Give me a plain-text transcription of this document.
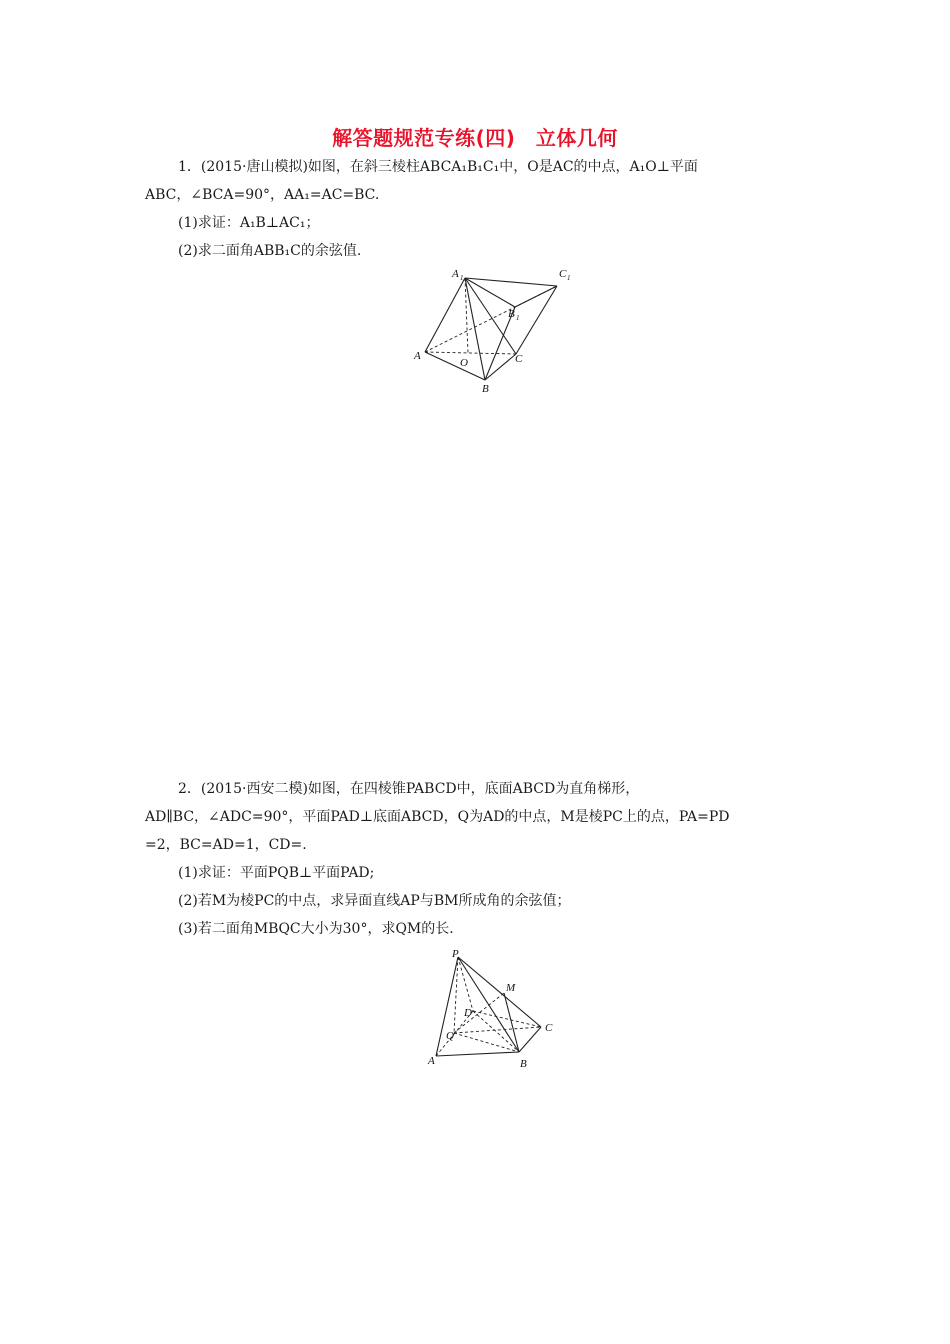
解答题规范专练(四)　立体几何
1．(2015·唐山模拟)如图，在斜三棱柱ABCA₁B₁C₁中，O是AC的中点，A₁O⊥平面
ABC，∠BCA=90°，AA₁=AC=BC.
(1)求证：A₁B⊥AC₁；
(2)求二面角ABB₁C的余弦值.
A 1	C 1
B 1
A
O	C
B
2．(2015·西安二模)如图，在四棱锥PABCD中，底面ABCD为直角梯形，
AD∥BC，∠ADC=90°，平面PAD⊥底面ABCD，Q为AD的中点，M是棱PC上的点，PA=PD
=2，BC=AD=1，CD=.
(1)求证：平面PQB⊥平面PAD;
(2)若M为棱PC的中点，求异面直线AP与BM所成角的余弦值；
(3)若二面角MBQC大小为30°，求QM的长.
P
M
D
Q
C
A	B
